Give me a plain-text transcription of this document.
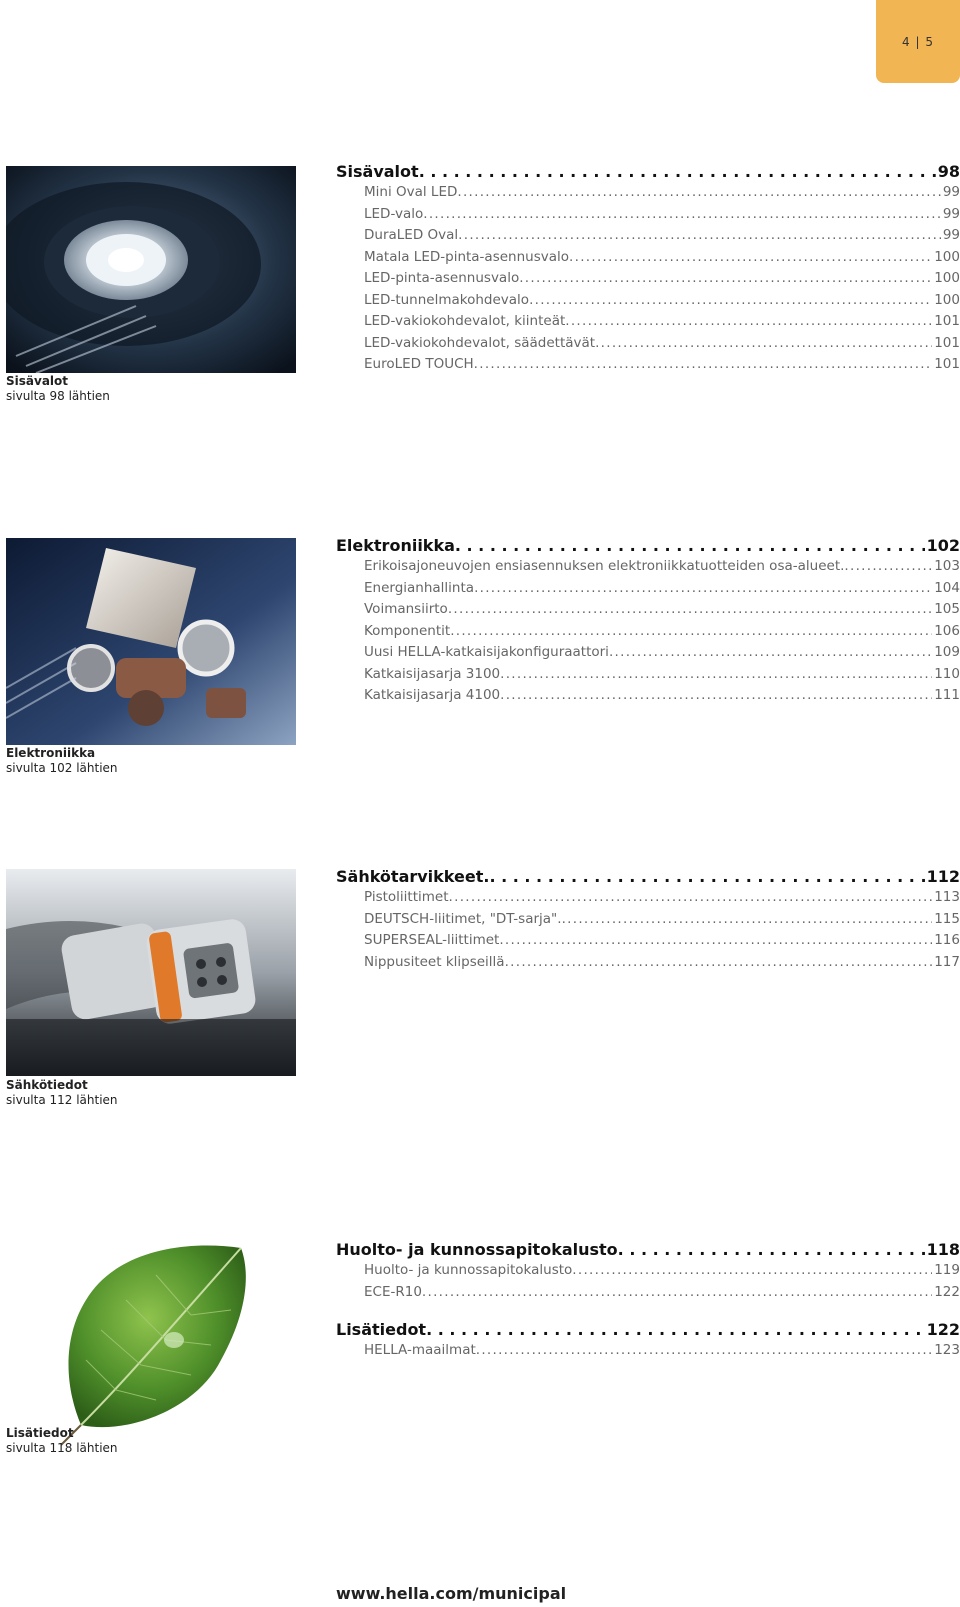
4 | 5
Sisävalot
sivulta 98 lähtien
Sisävalot . . .	98
Mini Oval LED . . .	99
LED-valo . . .	99
DuraLED Oval . . .	99
Matala LED-pinta-asennusvalo . . .	100
LED-pinta-asennusvalo . . .	100
LED-tunnelmakohdevalo . . .	100
LED-vakiokohdevalot, kiinteät . . .	101
LED-vakiokohdevalot, säädettävät . . .	101
EuroLED TOUCH . . .	101
Elektroniikka
sivulta 102 lähtien
Elektroniikka . . .	102
Erikoisajoneuvojen ensiasennuksen elektroniikkatuotteiden osa-alueet. . . .	103
Energianhallinta . . .	104
Voimansiirto . . .	105
Komponentit . . .	106
Uusi HELLA-katkaisijakonfiguraattori . . .	109
Katkaisijasarja 3100 . . .	110
Katkaisijasarja 4100 . . .	111
Sähkötiedot
sivulta 112 lähtien
Sähkötarvikkeet. . . .	112
Pistoliittimet . . .	113
DEUTSCH-liitimet, "DT-sarja". . . .	115
SUPERSEAL-liittimet . . .	116
Nippusiteet klipseillä . . .	117
Lisätiedot
sivulta 118 lähtien
Huolto- ja kunnossapitokalusto . . .	118
Huolto- ja kunnossapitokalusto . . .	119
ECE-R10 . . .	122
Lisätiedot . . .	122
HELLA-maailmat . . .	123
www.hella.com/municipal
